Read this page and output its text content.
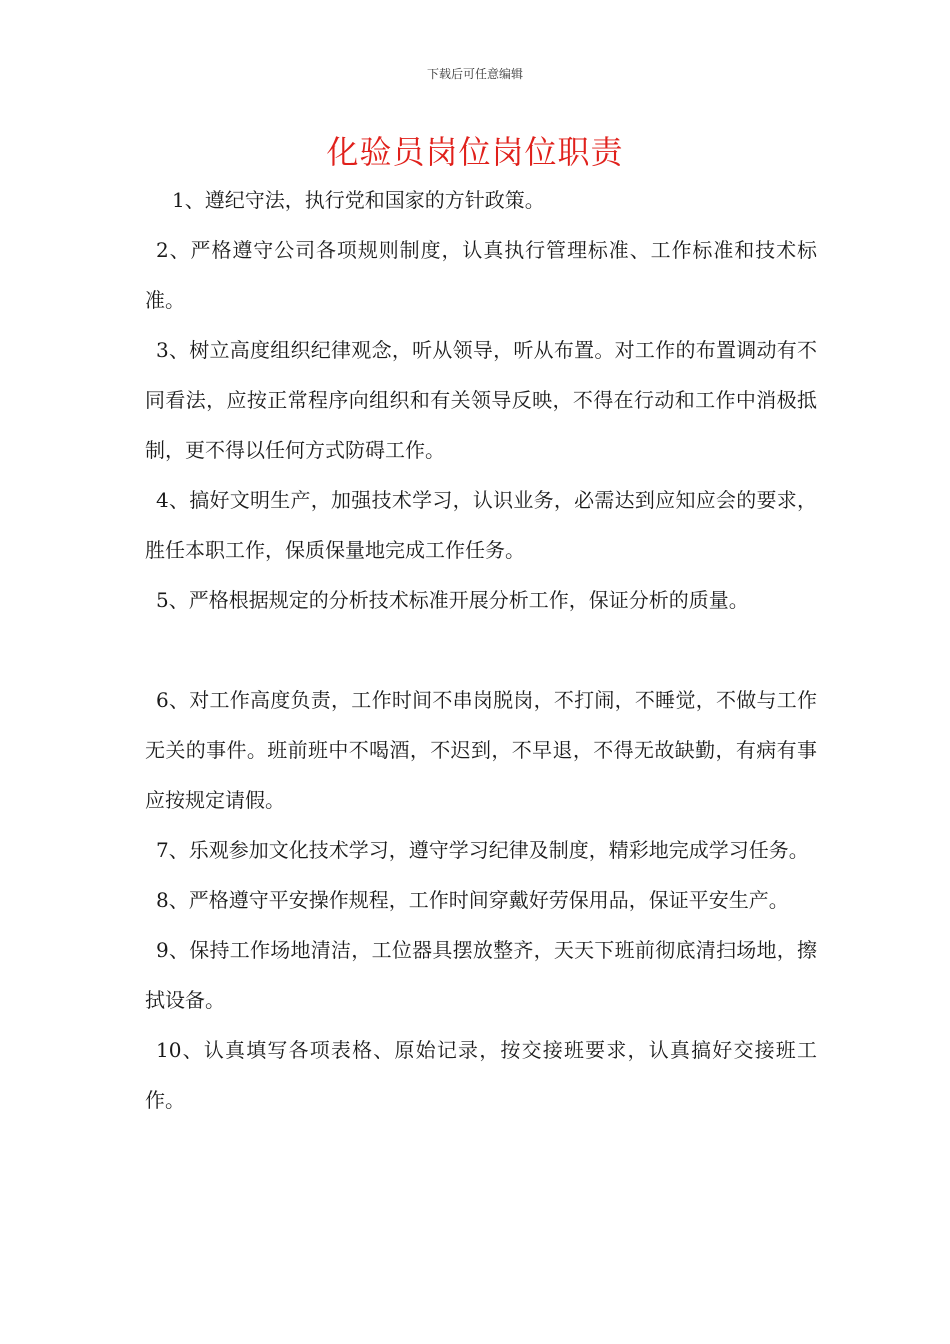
下载后可任意编辑
化验员岗位岗位职责

1、遵纪守法，执行党和国家的方针政策。

2、严格遵守公司各项规则制度，认真执行管理标准、工作标准和技术标准。

3、树立高度组织纪律观念，听从领导，听从布置。对工作的布置调动有不同看法，应按正常程序向组织和有关领导反映，不得在行动和工作中消极抵制，更不得以任何方式防碍工作。

4、搞好文明生产，加强技术学习，认识业务，必需达到应知应会的要求，胜任本职工作，保质保量地完成工作任务。

5、严格根据规定的分析技术标准开展分析工作，保证分析的质量。

6、对工作高度负责，工作时间不串岗脱岗，不打闹，不睡觉，不做与工作无关的事件。班前班中不喝酒，不迟到，不早退，不得无故缺勤，有病有事应按规定请假。

7、乐观参加文化技术学习，遵守学习纪律及制度，精彩地完成学习任务。

8、严格遵守平安操作规程，工作时间穿戴好劳保用品，保证平安生产。

9、保持工作场地清洁，工位器具摆放整齐，天天下班前彻底清扫场地，擦拭设备。

10、认真填写各项表格、原始记录，按交接班要求，认真搞好交接班工作。
